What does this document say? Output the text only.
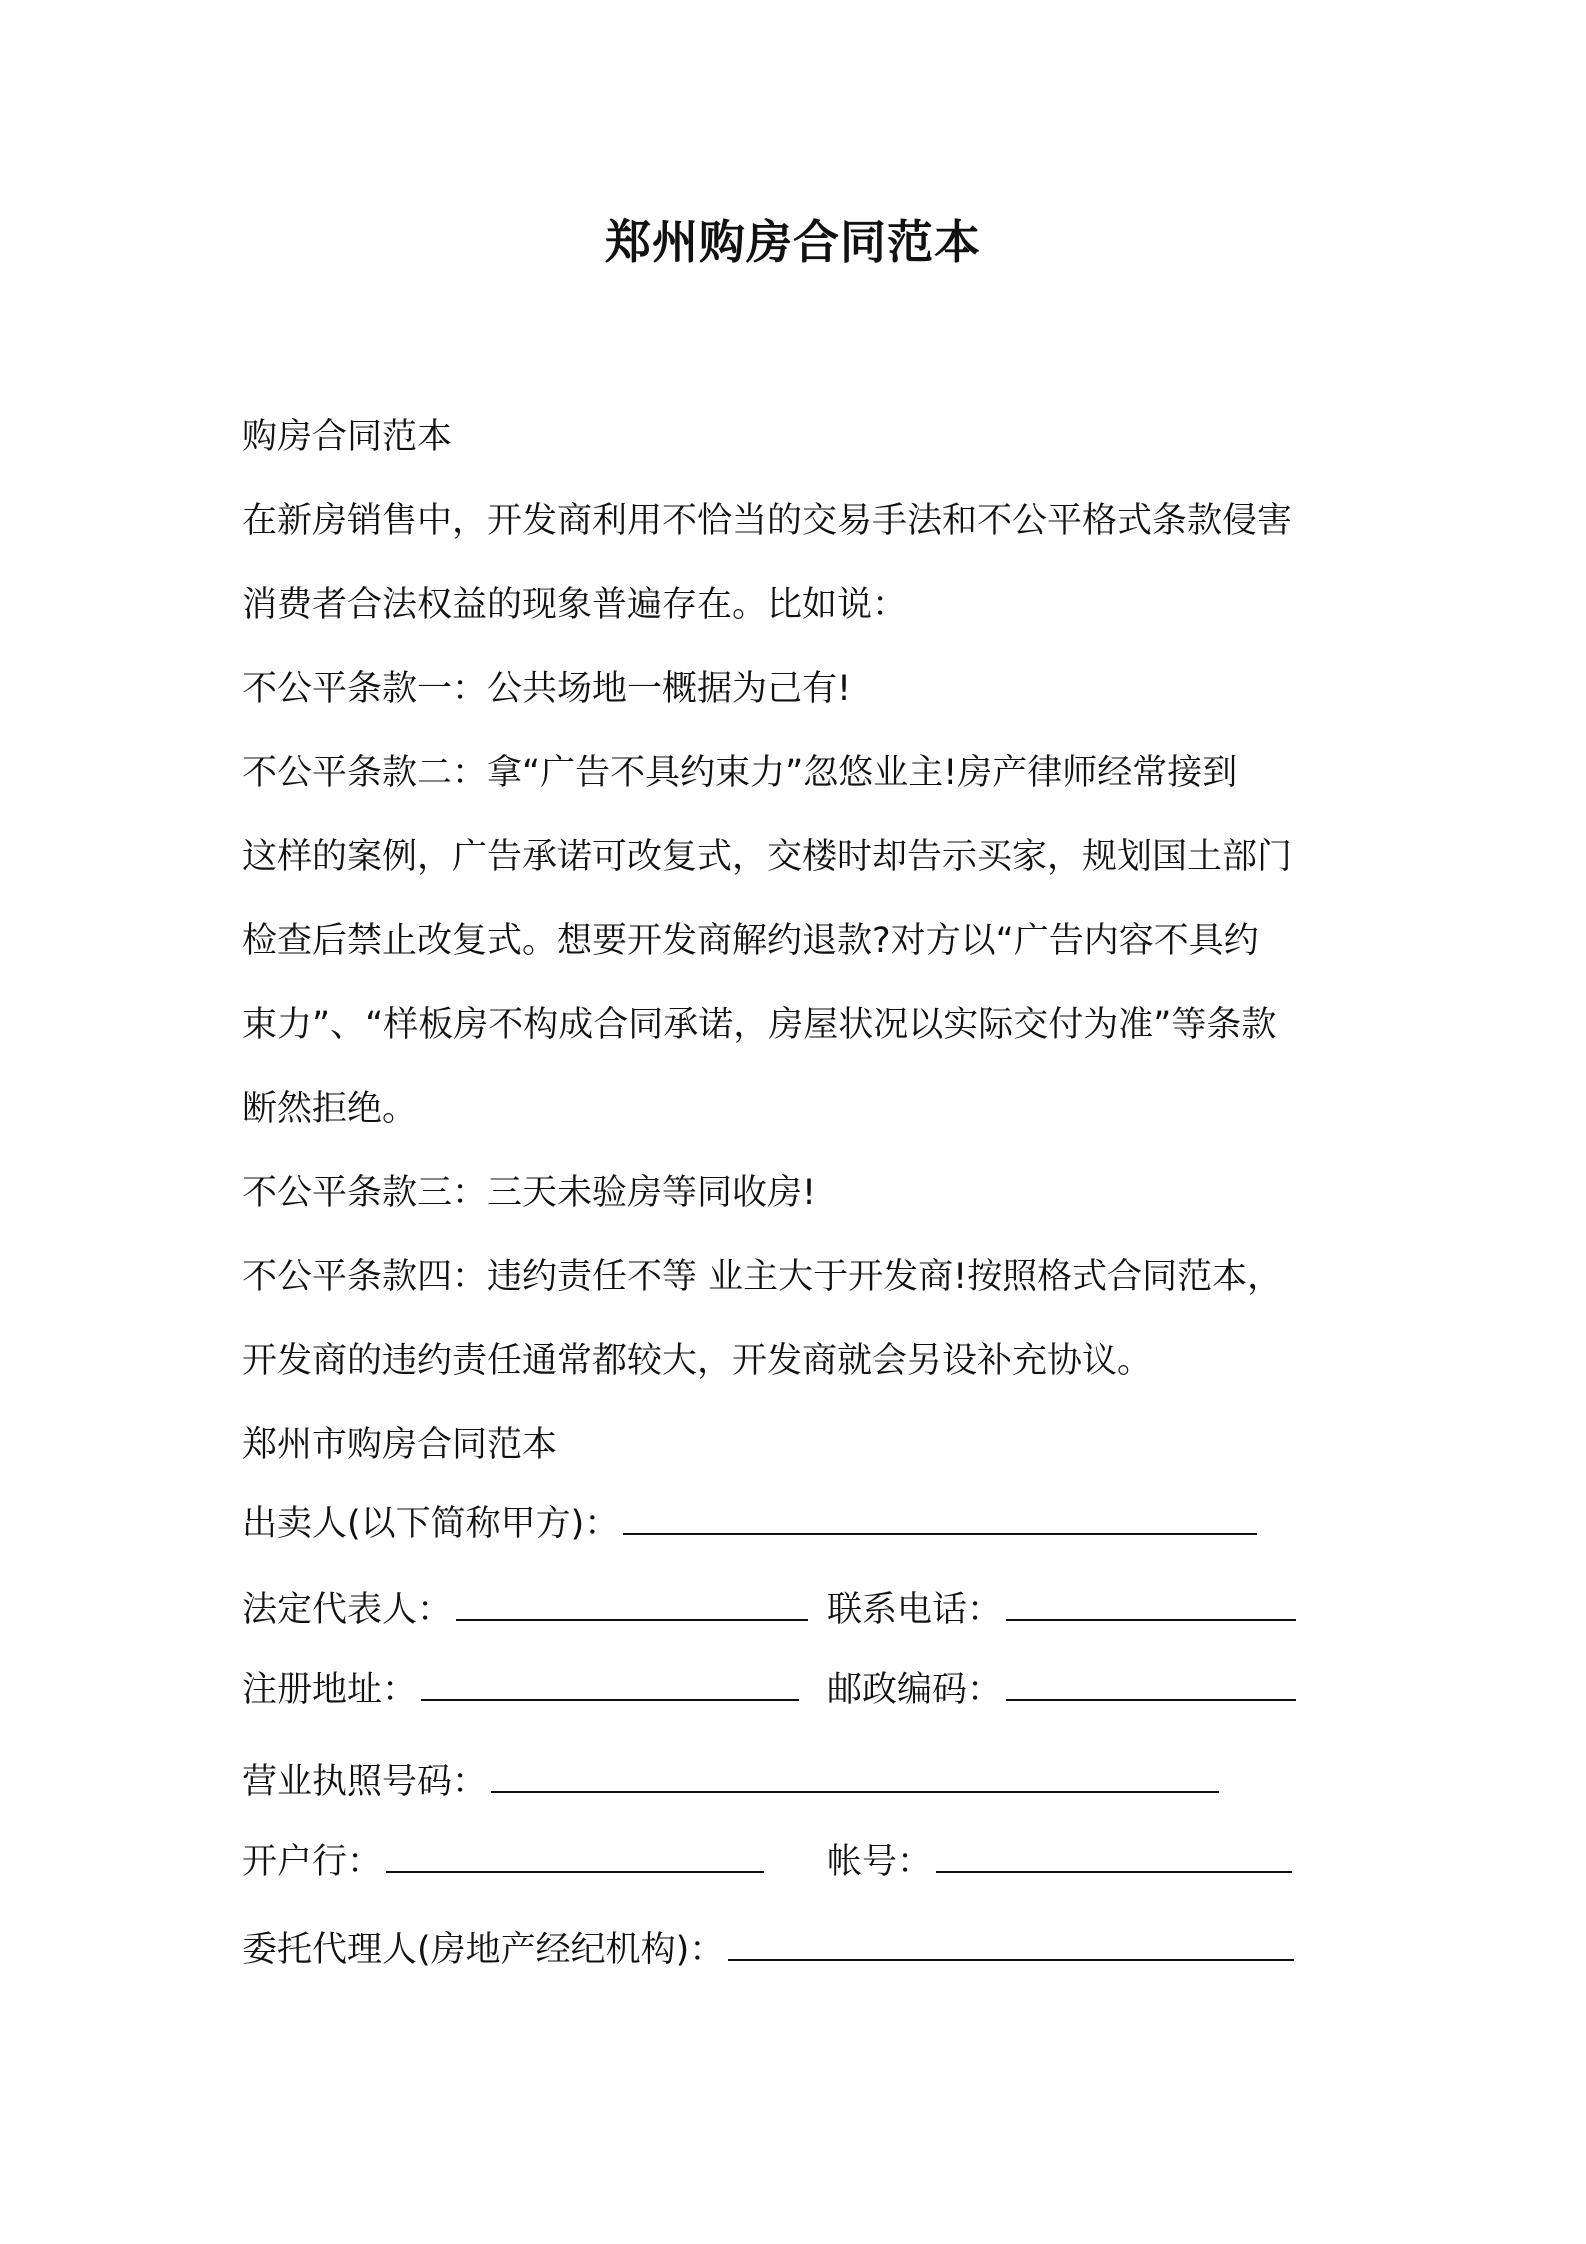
郑州购房合同范本
购房合同范本
在新房销售中，开发商利用不恰当的交易手法和不公平格式条款侵害
消费者合法权益的现象普遍存在。比如说：
不公平条款一：公共场地一概据为己有!
不公平条款二：拿“广告不具约束力”忽悠业主!房产律师经常接到
这样的案例，广告承诺可改复式，交楼时却告示买家，规划国土部门
检查后禁止改复式。想要开发商解约退款?对方以“广告内容不具约
束力”、“样板房不构成合同承诺，房屋状况以实际交付为准”等条款
断然拒绝。
不公平条款三：三天未验房等同收房!
不公平条款四：违约责任不等 业主大于开发商!按照格式合同范本，
开发商的违约责任通常都较大，开发商就会另设补充协议。
郑州市购房合同范本
出卖人(以下简称甲方)：
法定代表人：	联系电话：
注册地址：	邮政编码：
营业执照号码：
开户行：	帐号：
委托代理人(房地产经纪机构)：
